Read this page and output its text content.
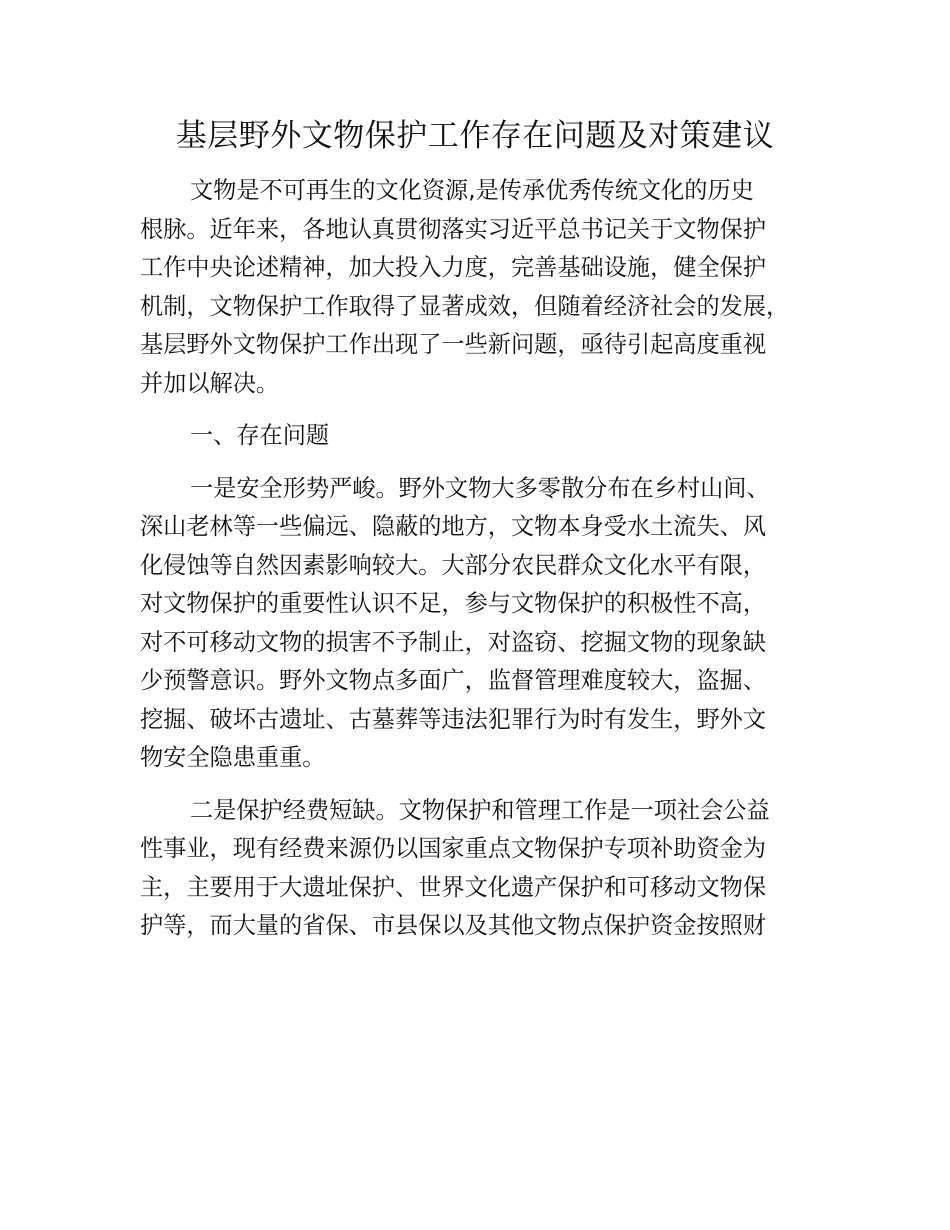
基层野外文物保护工作存在问题及对策建议

文物是不可再生的文化资源,是传承优秀传统文化的历史
根脉。近年来，各地认真贯彻落实习近平总书记关于文物保护
工作中央论述精神，加大投入力度，完善基础设施，健全保护
机制，文物保护工作取得了显著成效，但随着经济社会的发展，
基层野外文物保护工作出现了一些新问题，亟待引起高度重视
并加以解决。

一、存在问题

一是安全形势严峻。野外文物大多零散分布在乡村山间、
深山老林等一些偏远、隐蔽的地方，文物本身受水土流失、风
化侵蚀等自然因素影响较大。大部分农民群众文化水平有限，
对文物保护的重要性认识不足，参与文物保护的积极性不高，
对不可移动文物的损害不予制止，对盗窃、挖掘文物的现象缺
少预警意识。野外文物点多面广，监督管理难度较大，盗掘、
挖掘、破坏古遗址、古墓葬等违法犯罪行为时有发生，野外文
物安全隐患重重。

二是保护经费短缺。文物保护和管理工作是一项社会公益
性事业，现有经费来源仍以国家重点文物保护专项补助资金为
主，主要用于大遗址保护、世界文化遗产保护和可移动文物保
护等，而大量的省保、市县保以及其他文物点保护资金按照财
